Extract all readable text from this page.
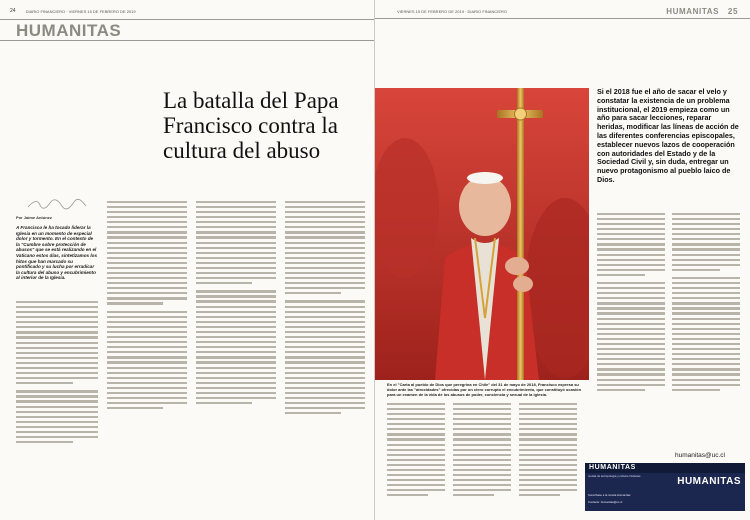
24	DIARIO FINANCIERO · VIERNES 15 DE FEBRERO DE 2019
HUMANITAS
La batalla del Papa Francisco contra la cultura del abuso
Por Jaime Antúnez

A Francisco le ha tocado liderar la Iglesia en un momento de especial dolor y tormento. En el contexto de la "Cumbre sobre protección de abusos" que se está realizando en el Vaticano estos días, sintetizamos los hitos que han marcado su pontificado y su lucha por erradicar la cultura del abuso y encubrimiento al interior de la Iglesia.

VIERNES 15 DE FEBRERO DE 2019 · DIARIO FINANCIERO	HUMANITAS 25

En el "Carta al pueblo de Dios que peregrina en Chile" del 31 de mayo de 2018, Francisco expresa su dolor ante las "atrocidades" ofrecidas por un clero corrupto el encubrimiento, que constituyó ocasión para un examen de la vida de los abusos de poder, conciencia y sexual de la iglesia.

Si el 2018 fue el año de sacar el velo y constatar la existencia de un problema institucional, el 2019 empieza como un año para sacar lecciones, reparar heridas, modificar las líneas de acción de las diferentes conferencias episcopales, establecer nuevos lazos de cooperación con autoridades del Estado y de la Sociedad Civil y, sin duda, entregar un nuevo protagonismo al pueblo laico de Dios.

humanitas@uc.cl
HUMANITAS
revista de antropología y cultura cristianas	HUMANITAS
Suscríbase a la revista Humanitas
Contacto: humanitas@uc.cl
